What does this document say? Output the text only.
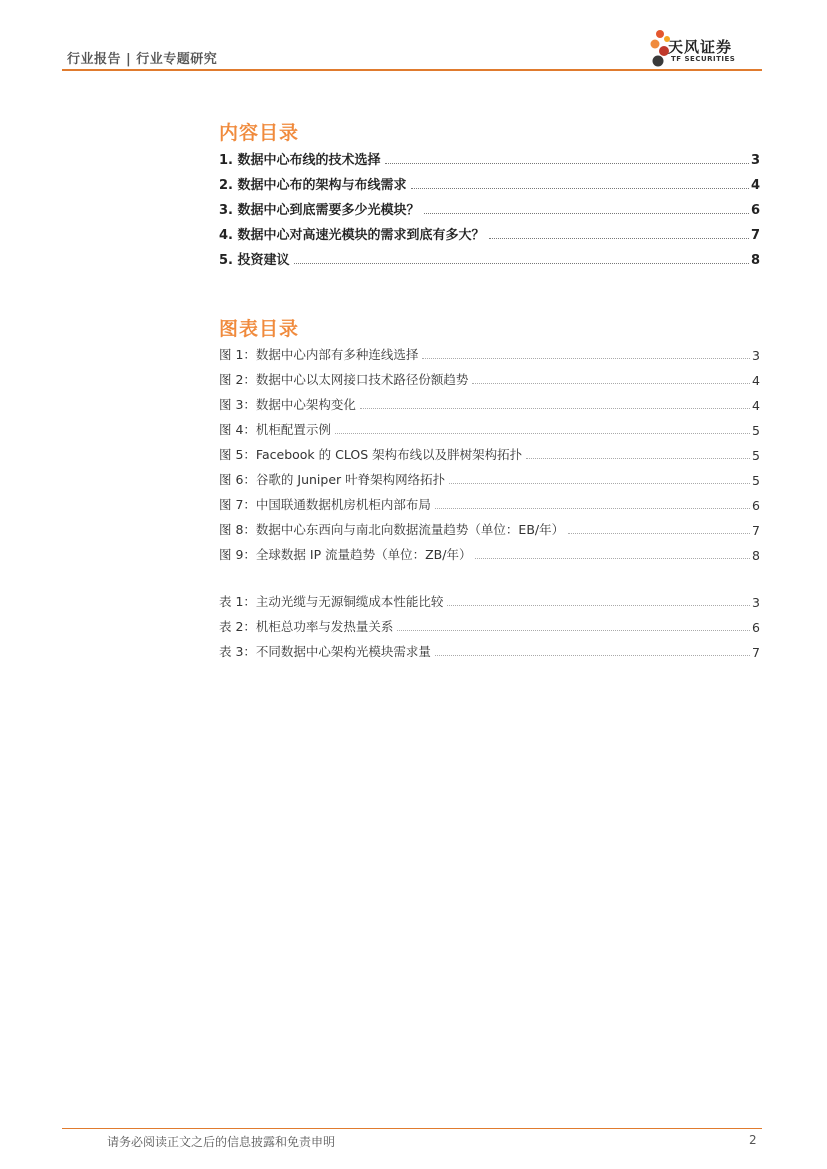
行业报告 | 行业专题研究
天风证券
TF SECURITIES
内容目录
1. 数据中心布线的技术选择	3
2. 数据中心布的架构与布线需求	4
3. 数据中心到底需要多少光模块？	6
4. 数据中心对高速光模块的需求到底有多大？	7
5. 投资建议	8
图表目录
图 1：数据中心内部有多种连线选择	3
图 2：数据中心以太网接口技术路径份额趋势	4
图 3：数据中心架构变化	4
图 4：机柜配置示例	5
图 5：Facebook 的 CLOS 架构布线以及胖树架构拓扑	5
图 6：谷歌的 Juniper 叶脊架构网络拓扑	5
图 7：中国联通数据机房机柜内部布局	6
图 8：数据中心东西向与南北向数据流量趋势（单位：EB/年）	7
图 9：全球数据 IP 流量趋势（单位：ZB/年）	8
表 1：主动光缆与无源铜缆成本性能比较	3
表 2：机柜总功率与发热量关系	6
表 3：不同数据中心架构光模块需求量	7
请务必阅读正文之后的信息披露和免责申明	2
